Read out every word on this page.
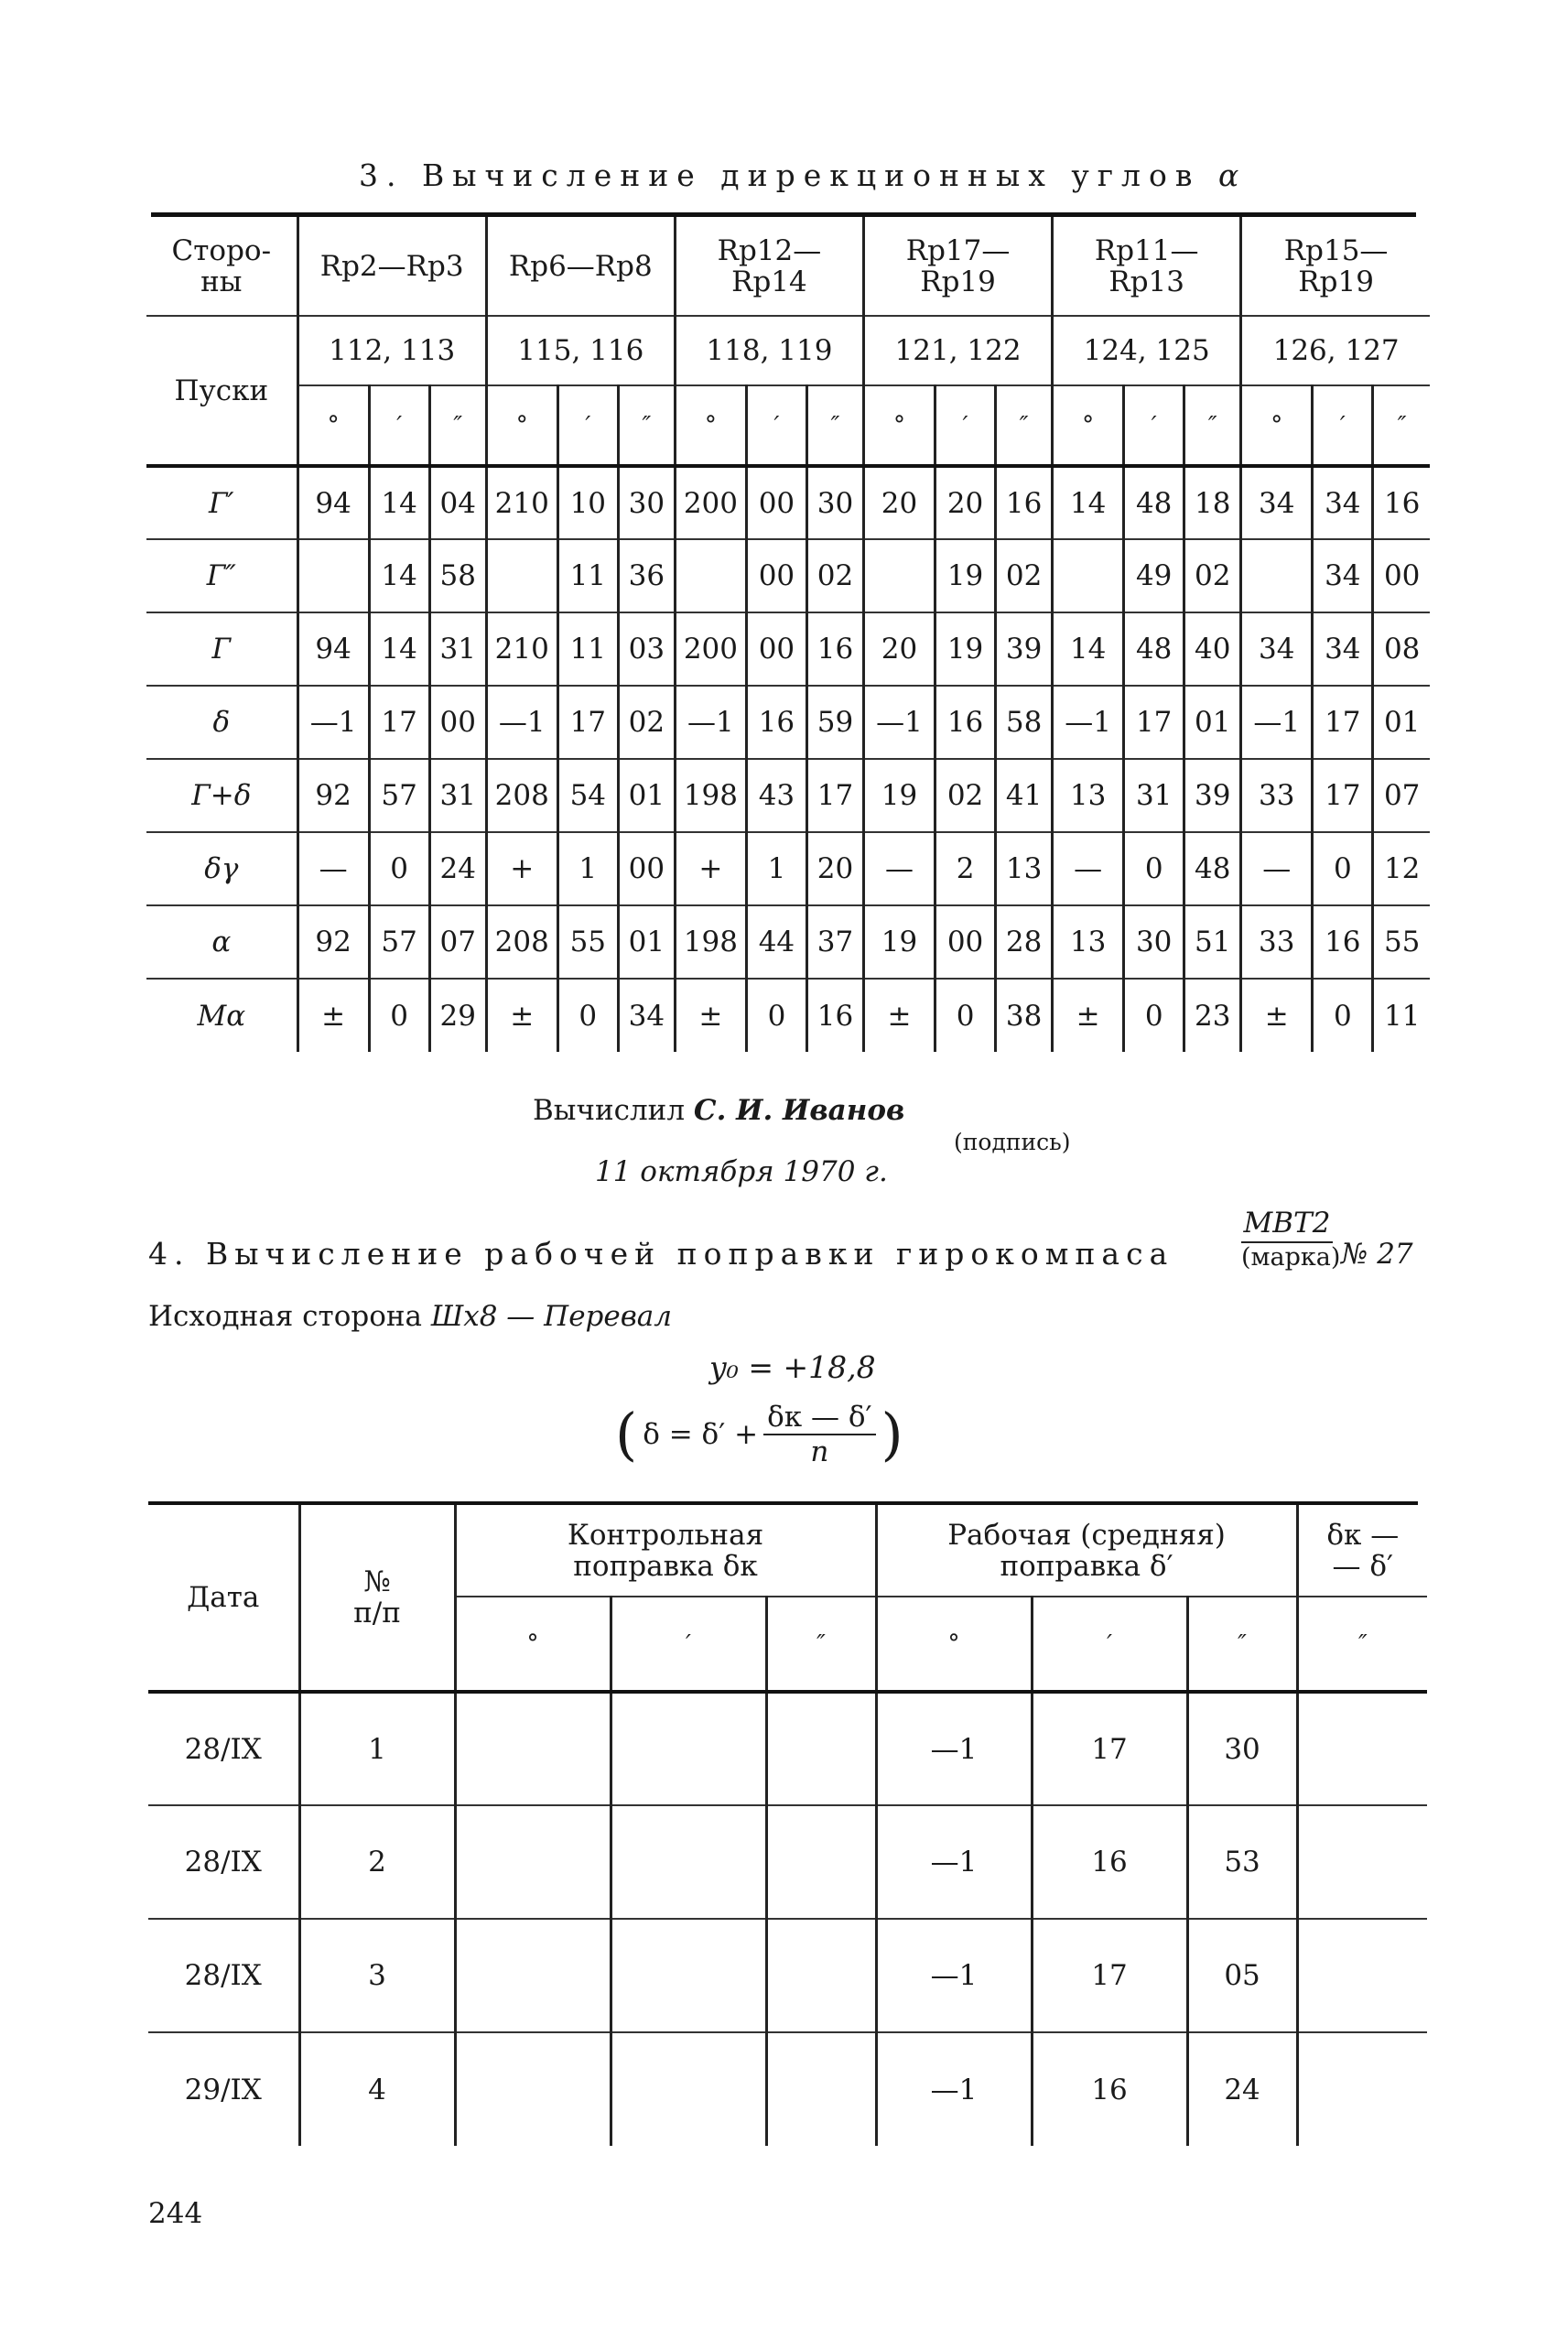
3. Вычисление дирекционных углов α
Сторо-
ны	Rp2—Rp3			Rp6—Rp8			Rp12—
Rp14			Rp17—
Rp19			Rp11—
Rp13			Rp15—
Rp19		
Пуски	112, 113			115, 116			118, 119			121, 122			124, 125			126, 127		
	°	′	″	°	′	″	°	′	″	°	′	″	°	′	″	°	′	″
Г′	94	14	04	210	10	30	200	00	30	20	20	16	14	48	18	34	34	16
Г″		14	58		11	36		00	02		19	02		49	02		34	00
Г	94	14	31	210	11	03	200	00	16	20	19	39	14	48	40	34	34	08
δ	—1	17	00	—1	17	02	—1	16	59	—1	16	58	—1	17	01	—1	17	01
Г+δ	92	57	31	208	54	01	198	43	17	19	02	41	13	31	39	33	17	07
δγ	—	0	24	+	1	00	+	1	20	—	2	13	—	0	48	—	0	12
α	92	57	07	208	55	01	198	44	37	19	00	28	13	30	51	33	16	55
Mα	±	0	29	±	0	34	±	0	16	±	0	38	±	0	23	±	0	11
Вычислил С. И. Иванов
(подпись)
11 октября 1970 г.
4. Вычисление рабочей поправки гирокомпаса
МВТ2
(марка) № 27
Исходная сторона Шх8 — Перевал
y₀ = +18,8
( $\delta = \delta' + \frac{\delta к — \delta'}{n}$ )
Дата	№
п/п	Контрольная
поправка δк			Рабочая (средняя)
поправка δ′			δк —
— δ′
		°	′	″	°	′	″	″
28/IX	1				—1	17	30	
28/IX	2				—1	16	53	
28/IX	3				—1	17	05	
29/IX	4				—1	16	24	
244
